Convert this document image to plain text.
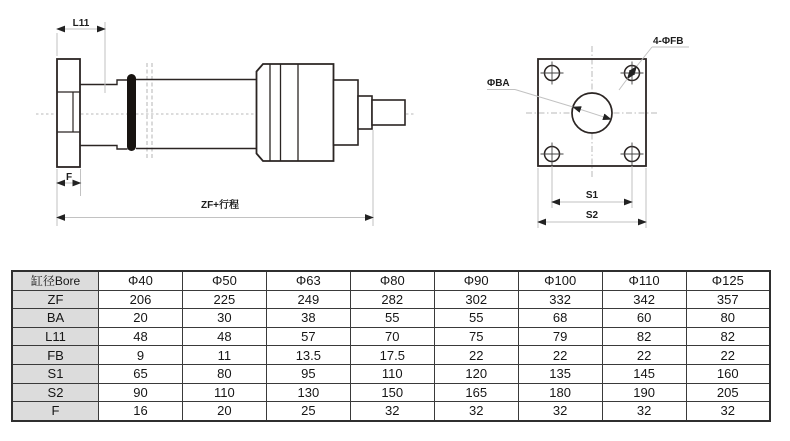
L11
F
ZF+行程
ΦBA
4-ΦFB
S1
S2
缸径Bore	Φ40	Φ50	Φ63	Φ80	Φ90	Φ100	Φ110	Φ125
ZF	206	225	249	282	302	332	342	357
BA	20	30	38	55	55	68	60	80
L11	48	48	57	70	75	79	82	82
FB	9	11	13.5	17.5	22	22	22	22
S1	65	80	95	110	120	135	145	160
S2	90	110	130	150	165	180	190	205
F	16	20	25	32	32	32	32	32
